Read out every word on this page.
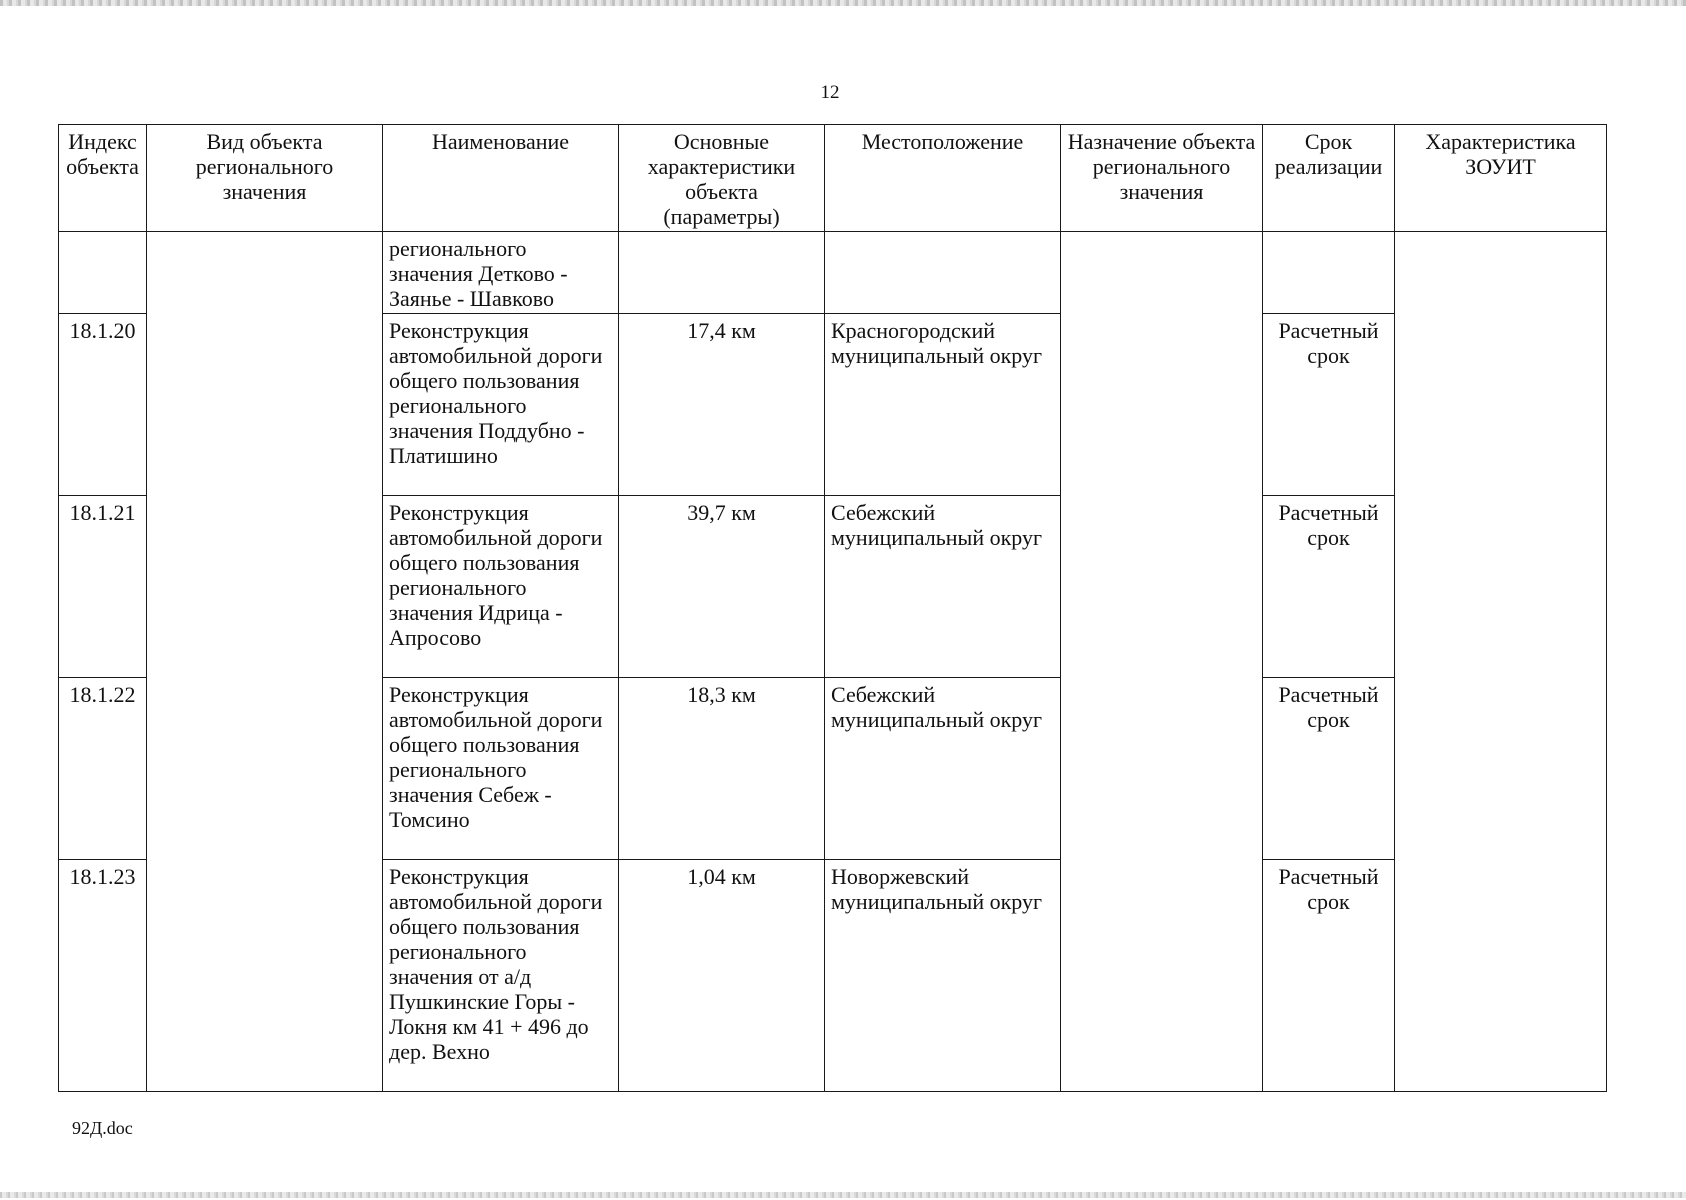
12
Индекс объекта	Вид объекта регионального значения	Наименование	Основные характеристики объекта (параметры)	Местоположение	Назначение объекта регионального значения	Срок реализации	Характеристика ЗОУИТ
		регионального значения Детково - Заянье - Шавково					
18.1.20		Реконструкция автомобильной дороги общего пользования регионального значения Поддубно - Платишино	17,4 км	Красногородский муниципальный округ		Расчетный срок	
18.1.21		Реконструкция автомобильной дороги общего пользования регионального значения Идрица - Апросово	39,7 км	Себежский муниципальный округ		Расчетный срок	
18.1.22		Реконструкция автомобильной дороги общего пользования регионального значения Себеж - Томсино	18,3 км	Себежский муниципальный округ		Расчетный срок	
18.1.23		Реконструкция автомобильной дороги общего пользования регионального значения от а/д Пушкинские Горы - Локня км 41 + 496 до дер. Вехно	1,04 км	Новоржевский муниципальный округ		Расчетный срок	
92Д.doc
